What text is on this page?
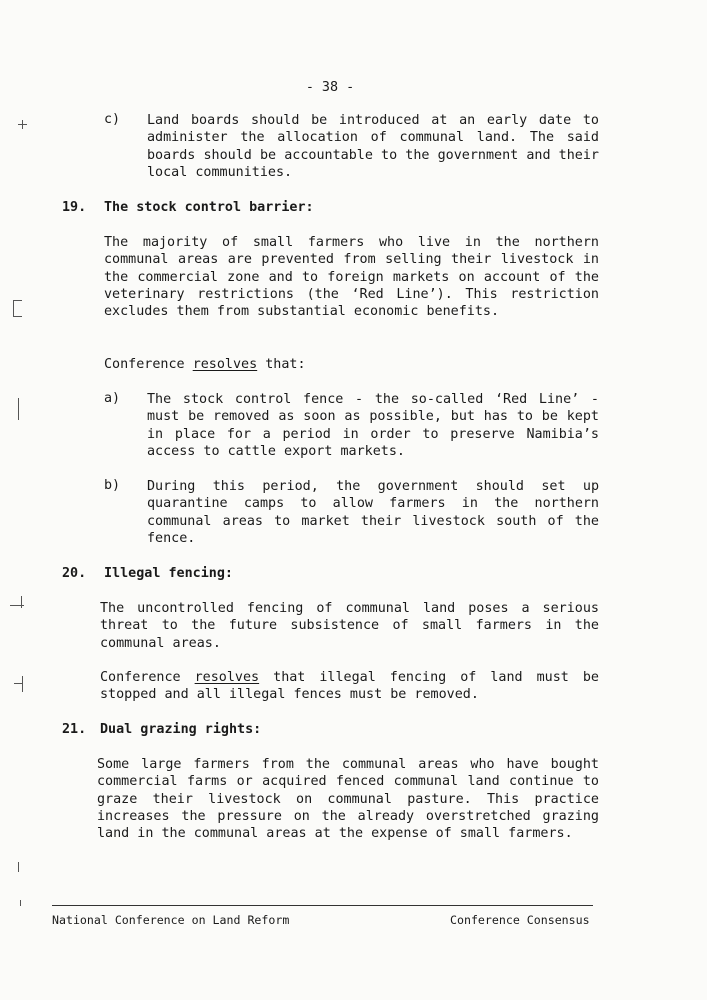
- 38 -
c) Land boards should be introduced at an early date to administer the allocation of communal land. The said boards should be accountable to the government and their local communities.
19. The stock control barrier:
The majority of small farmers who live in the northern communal areas are prevented from selling their livestock in the commercial zone and to foreign markets on account of the veterinary restrictions (the ‘Red Line’). This restriction excludes them from substantial economic benefits.
Conference resolves that:
a) The stock control fence - the so-called ‘Red Line’ - must be removed as soon as possible, but has to be kept in place for a period in order to preserve Namibia’s access to cattle export markets.
b) During this period, the government should set up quarantine camps to allow farmers in the northern communal areas to market their livestock south of the fence.
20. Illegal fencing:
The uncontrolled fencing of communal land poses a serious threat to the future subsistence of small farmers in the communal areas.
Conference resolves that illegal fencing of land must be stopped and all illegal fences must be removed.
21. Dual grazing rights:
Some large farmers from the communal areas who have bought commercial farms or acquired fenced communal land continue to graze their livestock on communal pasture. This practice increases the pressure on the already overstretched grazing land in the communal areas at the expense of small farmers.
National Conference on Land Reform	Conference Consensus
